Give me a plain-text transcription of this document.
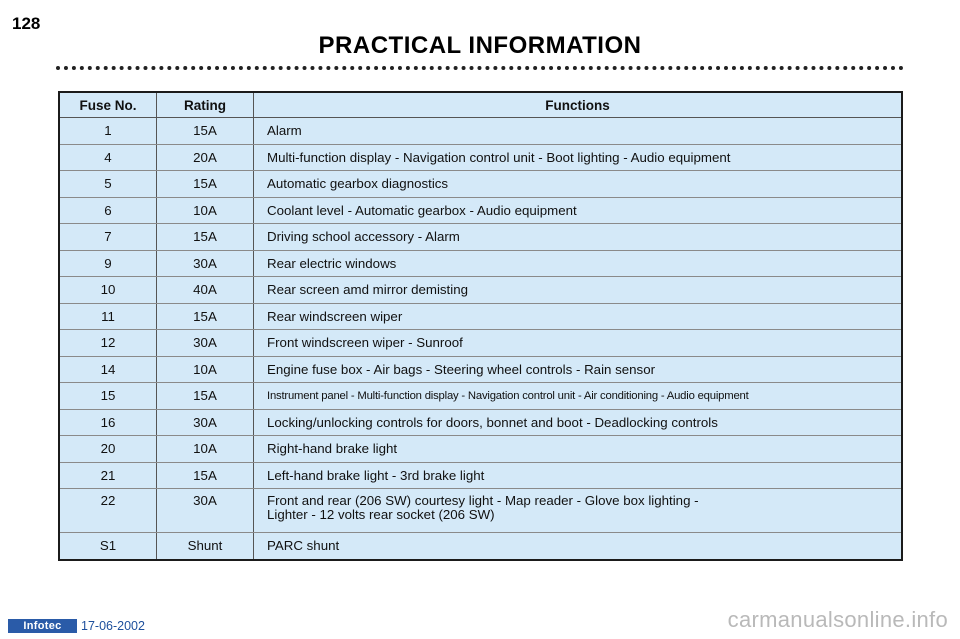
128
PRACTICAL INFORMATION
Fuse No.	Rating	Functions
1	15A	Alarm
4	20A	Multi-function display - Navigation control unit - Boot lighting - Audio equipment
5	15A	Automatic gearbox diagnostics
6	10A	Coolant level - Automatic gearbox - Audio equipment
7	15A	Driving school accessory - Alarm
9	30A	Rear electric windows
10	40A	Rear screen amd mirror demisting
11	15A	Rear windscreen wiper
12	30A	Front windscreen wiper - Sunroof
14	10A	Engine fuse box - Air bags - Steering wheel controls - Rain sensor
15	15A	Instrument panel - Multi-function display - Navigation control unit - Air conditioning - Audio equipment
16	30A	Locking/unlocking controls for doors, bonnet and boot - Deadlocking controls
20	10A	Right-hand brake light
21	15A	Left-hand brake light - 3rd brake light
22	30A	Front and rear (206 SW) courtesy light - Map reader - Glove box lighting -
Lighter - 12 volts rear socket (206 SW)

S1	Shunt	PARC shunt
Infotec	17-06-2002	carmanualsonline.info
